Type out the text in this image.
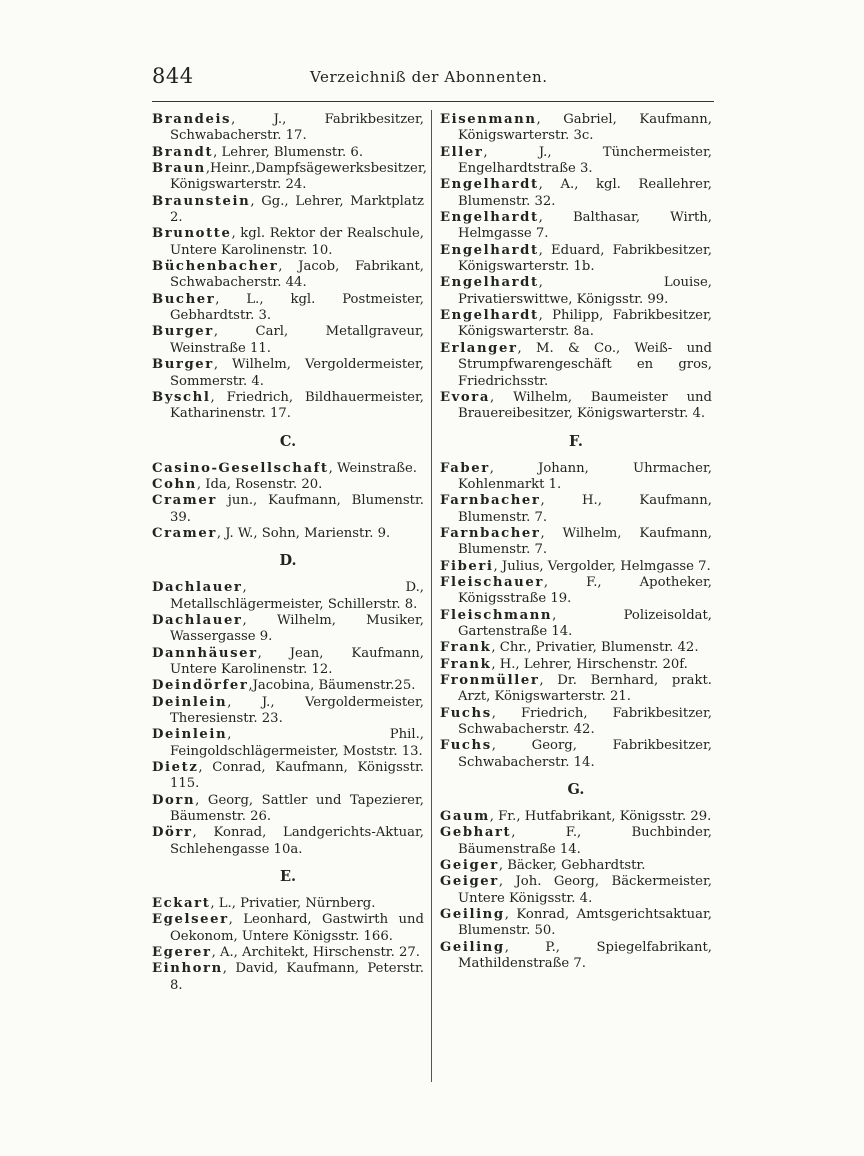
844	Verzeichniß der Abonnenten.

Brandeis, J., Fabrikbesitzer, Schwabacherstr. 17.

Brandt, Lehrer, Blumenstr. 6.

Braun,Heinr.,Dampfsägewerksbesitzer, Königswarterstr. 24.

Braunstein, Gg., Lehrer, Marktplatz 2.

Brunotte, kgl. Rektor der Realschule, Untere Karolinenstr. 10.

Büchenbacher, Jacob, Fabrikant, Schwabacherstr. 44.

Bucher, L., kgl. Postmeister, Gebhardtstr. 3.

Burger, Carl, Metallgraveur, Weinstraße 11.

Burger, Wilhelm, Vergoldermeister, Sommerstr. 4.

Byschl, Friedrich, Bildhauermeister, Katharinenstr. 17.

C.

Casino-Gesellschaft, Weinstraße.

Cohn, Ida, Rosenstr. 20.

Cramer jun., Kaufmann, Blumenstr. 39.

Cramer, J. W., Sohn, Marienstr. 9.

D.

Dachlauer, D., Metallschlägermeister, Schillerstr. 8.

Dachlauer, Wilhelm, Musiker, Wassergasse 9.

Dannhäuser, Jean, Kaufmann, Untere Karolinenstr. 12.

Deindörfer,Jacobina, Bäumenstr.25.

Deinlein, J., Vergoldermeister, Theresienstr. 23.

Deinlein, Phil., Feingoldschlägermeister, Moststr. 13.

Dietz, Conrad, Kaufmann, Königsstr. 115.

Dorn, Georg, Sattler und Tapezierer, Bäumenstr. 26.

Dörr, Konrad, Landgerichts-Aktuar, Schlehengasse 10a.

E.

Eckart, L., Privatier, Nürnberg.

Egelseer, Leonhard, Gastwirth und Oekonom, Untere Königsstr. 166.

Egerer, A., Architekt, Hirschenstr. 27.

Einhorn, David, Kaufmann, Peterstr. 8.

Eisenmann, Gabriel, Kaufmann, Königswarterstr. 3c.

Eller, J., Tünchermeister, Engelhardtstraße 3.

Engelhardt, A., kgl. Reallehrer, Blumenstr. 32.

Engelhardt, Balthasar, Wirth, Helmgasse 7.

Engelhardt, Eduard, Fabrikbesitzer, Königswarterstr. 1b.

Engelhardt, Louise, Privatierswittwe, Königsstr. 99.

Engelhardt, Philipp, Fabrikbesitzer, Königswarterstr. 8a.

Erlanger, M. & Co., Weiß- und Strumpfwarengeschäft en gros, Friedrichsstr.

Evora, Wilhelm, Baumeister und Brauereibesitzer, Königswarterstr. 4.

F.

Faber, Johann, Uhrmacher, Kohlenmarkt 1.

Farnbacher, H., Kaufmann, Blumenstr. 7.

Farnbacher, Wilhelm, Kaufmann, Blumenstr. 7.

Fiberi, Julius, Vergolder, Helmgasse 7.

Fleischauer, F., Apotheker, Königsstraße 19.

Fleischmann, Polizeisoldat, Gartenstraße 14.

Frank, Chr., Privatier, Blumenstr. 42.

Frank, H., Lehrer, Hirschenstr. 20f.

Fronmüller, Dr. Bernhard, prakt. Arzt, Königswarterstr. 21.

Fuchs, Friedrich, Fabrikbesitzer, Schwabacherstr. 42.

Fuchs, Georg, Fabrikbesitzer, Schwabacherstr. 14.

G.

Gaum, Fr., Hutfabrikant, Königsstr. 29.

Gebhart, F., Buchbinder, Bäumenstraße 14.

Geiger, Bäcker, Gebhardtstr.

Geiger, Joh. Georg, Bäckermeister, Untere Königsstr. 4.

Geiling, Konrad, Amtsgerichtsaktuar, Blumenstr. 50.

Geiling, P., Spiegelfabrikant, Mathildenstraße 7.
